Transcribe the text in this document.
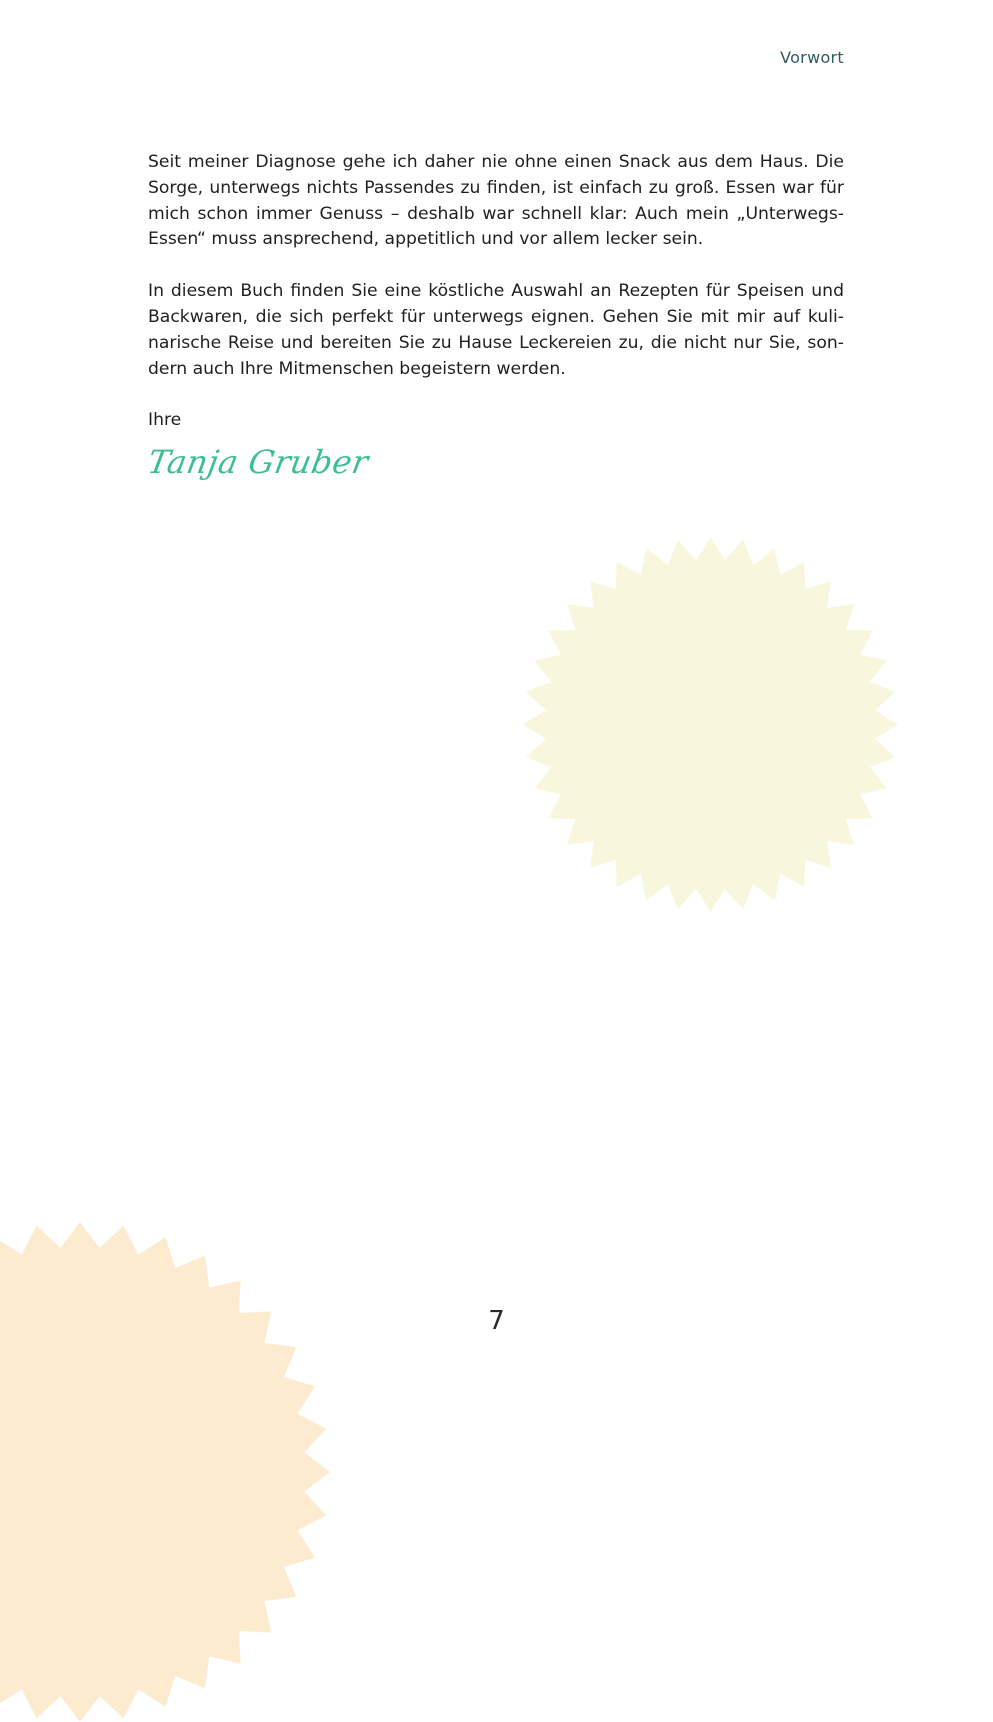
Vorwort

Seit meiner Diagnose gehe ich daher nie ohne einen Snack aus dem Haus. Die Sorge, unterwegs nichts Passendes zu finden, ist einfach zu groß. Essen war für mich schon immer Genuss – deshalb war schnell klar: Auch mein „Unterwegs-Essen“ muss ansprechend, appetitlich und vor allem lecker sein.

In diesem Buch finden Sie eine köstliche Auswahl an Rezepten für Speisen und Backwaren, die sich perfekt für unterwegs eignen. Gehen Sie mit mir auf kulinarische Reise und bereiten Sie zu Hause Leckereien zu, die nicht nur Sie, sondern auch Ihre Mitmenschen begeistern werden.

Ihre

Tanja Gruber
7
